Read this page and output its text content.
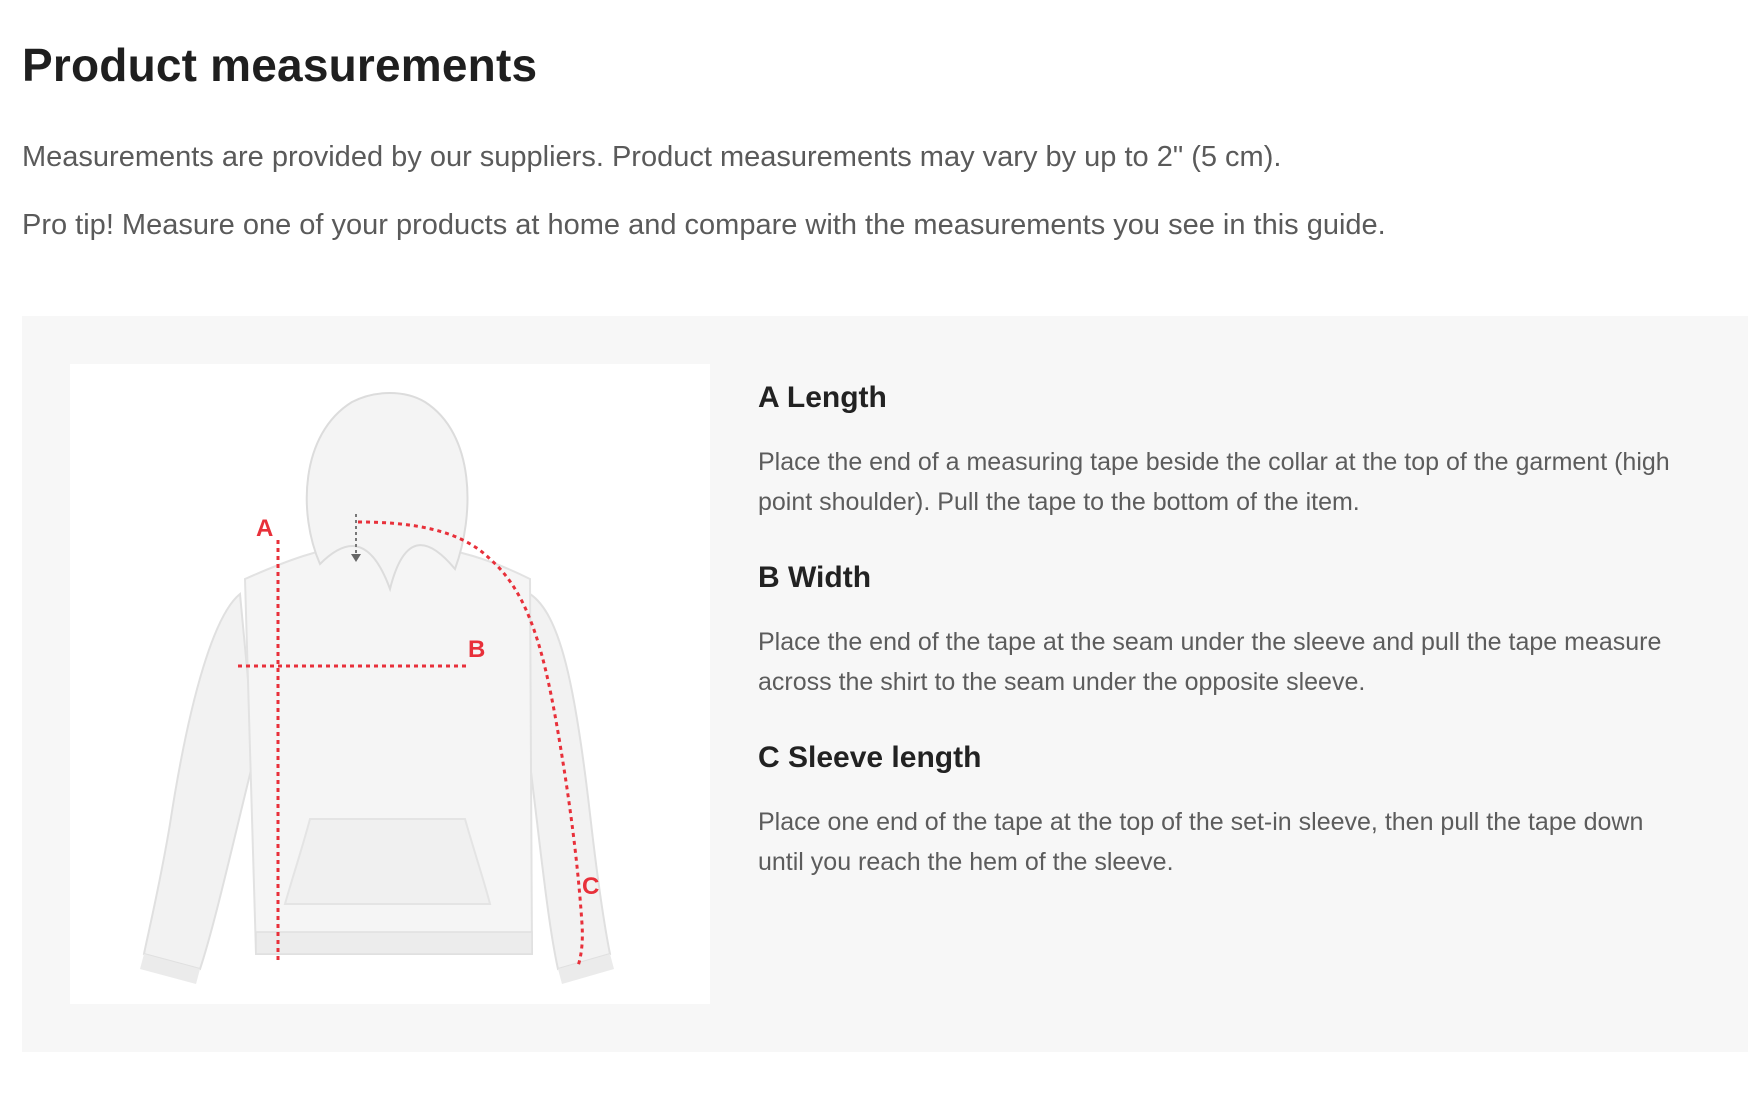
Product measurements

Measurements are provided by our suppliers. Product measurements may vary by up to 2" (5 cm).

Pro tip! Measure one of your products at home and compare with the measurements you see in this guide.

A
B
C
A Length

Place the end of a measuring tape beside the collar at the top of the garment (high point shoulder). Pull the tape to the bottom of the item.

B Width

Place the end of the tape at the seam under the sleeve and pull the tape measure across the shirt to the seam under the opposite sleeve.

C Sleeve length

Place one end of the tape at the top of the set-in sleeve, then pull the tape down until you reach the hem of the sleeve.
